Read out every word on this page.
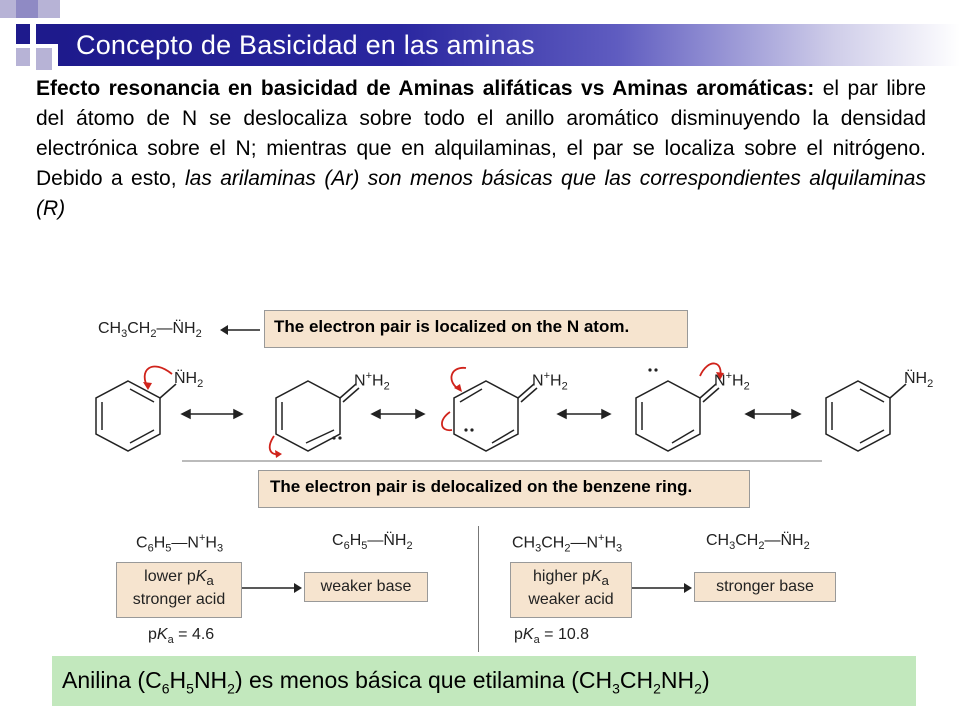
Concepto de Basicidad en las aminas
Efecto resonancia en basicidad de Aminas alifáticas vs Aminas aromáticas: el par libre del átomo de N se deslocaliza sobre todo el anillo aromático disminuyendo la densidad electrónica sobre el N; mientras que en alquilaminas, el par se localiza sobre el nitrógeno. Debido a esto, las arilaminas (Ar) son menos básicas que las correspondientes alquilaminas (R)
$CH_3CH_2—N̈H_2$	The electron pair is localized on the N atom.
$N̈H_2$	$N^+H_2$	$N^+H_2$	$N^+H_2$	$N̈H_2$
The electron pair is delocalized on the benzene ring.
$C_6H_5—N^+H_3$	$C_6H_5—N̈H_2$
lower $pK_a$
stronger acid
weaker base
$pK_a = 4.6$
$CH_3CH_2—N^+H_3$	$CH_3CH_2—N̈H_2$
higher $pK_a$
weaker acid
stronger base
$pK_a = 10.8$
Anilina $(C_6H_5NH_2)$ es menos básica que etilamina $(CH_3CH_2NH_2)$
